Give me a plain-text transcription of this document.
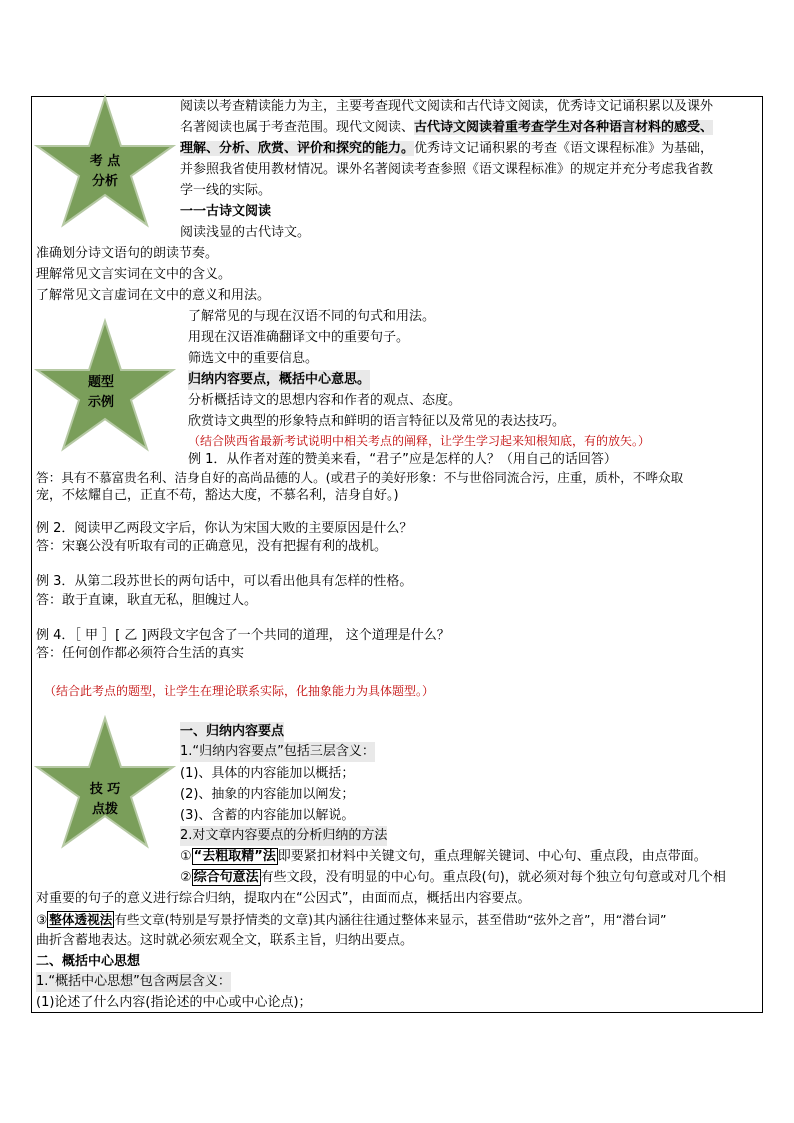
考 点
分析
题型
示例
技 巧
点拨
阅读以考查精读能力为主，主要考查现代文阅读和古代诗文阅读，优秀诗文记诵积累以及课外
名著阅读也属于考查范围。现代文阅读、古代诗文阅读着重考查学生对各种语言材料的感受、
理解、分析、欣赏、评价和探究的能力。优秀诗文记诵积累的考查《语文课程标准》为基础，
并参照我省使用教材情况。课外名著阅读考查参照《语文课程标准》的规定并充分考虑我省教
学一线的实际。
一一古诗文阅读
阅读浅显的古代诗文。
准确划分诗文语句的朗读节奏。
理解常见文言实词在文中的含义。
了解常见文言虚词在文中的意义和用法。
了解常见的与现在汉语不同的句式和用法。
用现在汉语准确翻译文中的重要句子。
筛选文中的重要信息。
归纳内容要点，概括中心意思。
分析概括诗文的思想内容和作者的观点、态度。
欣赏诗文典型的形象特点和鲜明的语言特征以及常见的表达技巧。
（结合陕西省最新考试说明中相关考点的阐释，让学生学习起来知根知底，有的放矢。）
例 1．从作者对莲的赞美来看，“君子”应是怎样的人？（用自己的话回答）
答：具有不慕富贵名利、洁身自好的高尚品德的人。(或君子的美好形象：不与世俗同流合污，庄重，质朴，不哗众取
宠，不炫耀自己，正直不苟，豁达大度，不慕名利，洁身自好。)
例 2．阅读甲乙两段文字后，你认为宋国大败的主要原因是什么？
答：宋襄公没有听取有司的正确意见，没有把握有利的战机。
例 3．从第二段苏世长的两句话中，可以看出他具有怎样的性格。
答：敢于直谏，耿直无私，胆魄过人。
例 4．［ 甲 ］[ 乙 ]两段文字包含了一个共同的道理， 这个道理是什么？
答：任何创作都必须符合生活的真实
（结合此考点的题型，让学生在理论联系实际，化抽象能力为具体题型。）
一、归纳内容要点
1.“归纳内容要点”包括三层含义：
(1)、具体的内容能加以概括；
(2)、抽象的内容能加以阐发；
(3)、含蓄的内容能加以解说。
2.对文章内容要点的分析归纳的方法
① “去粗取精”法 即要紧扣材料中关键文句，重点理解关键词、中心句、重点段，由点带面。
② 综合句意法 有些文段，没有明显的中心句。重点段(句)，就必须对每个独立句句意或对几个相
对重要的句子的意义进行综合归纳，提取内在“公因式”，由面而点，概括出内容要点。
③ 整体透视法 有些文章(特别是写景抒情类的文章)其内涵往往通过整体来显示，甚至借助“弦外之音”，用“潜台词”
曲折含蓄地表达。这时就必须宏观全文，联系主旨，归纳出要点。
二、概括中心思想
1.“概括中心思想”包含两层含义：
(1)论述了什么内容(指论述的中心或中心论点)；
